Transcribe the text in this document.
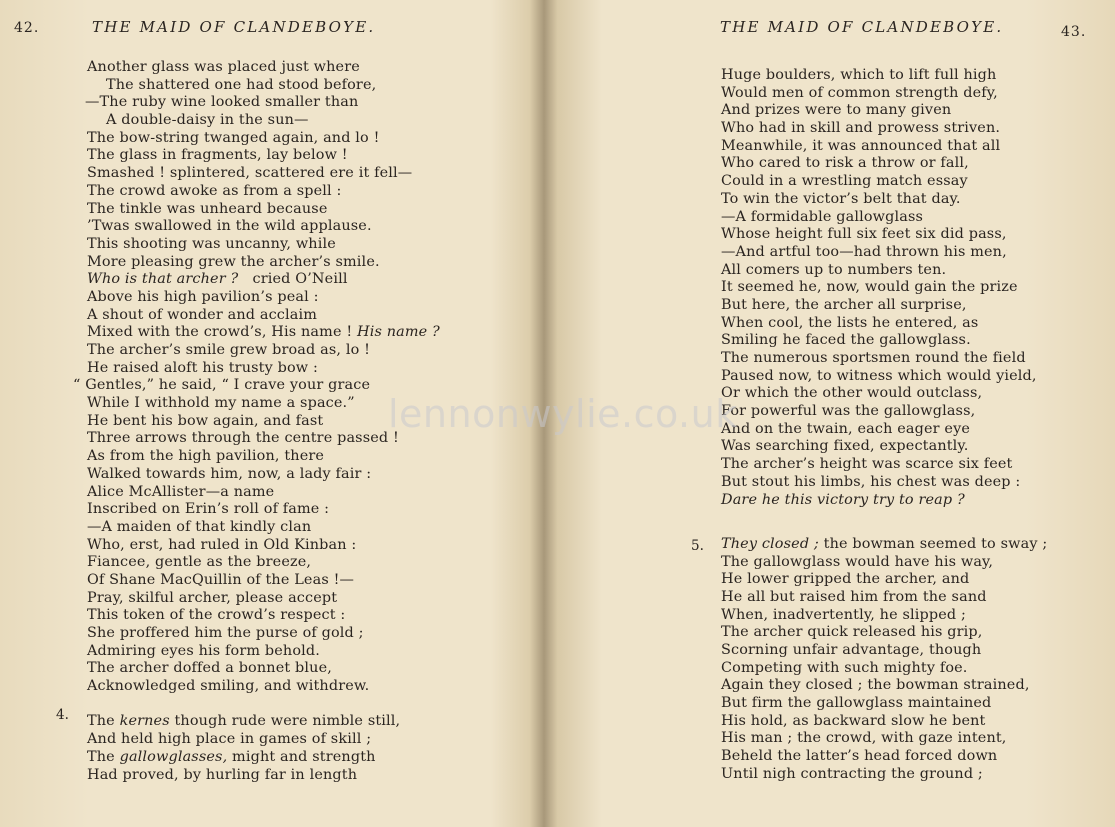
42.	THE MAID OF CLANDEBOYE.
Another glass was placed just where
The shattered one had stood before,
—The ruby wine looked smaller than
A double-daisy in the sun—
The bow-string twanged again, and lo !
The glass in fragments, lay below !
Smashed ! splintered, scattered ere it fell—
The crowd awoke as from a spell :
The tinkle was unheard because
’Twas swallowed in the wild applause.
This shooting was uncanny, while
More pleasing grew the archer’s smile.
Who is that archer ? cried O’Neill
Above his high pavilion’s peal :
A shout of wonder and acclaim
Mixed with the crowd’s, His name ! His name ?
The archer’s smile grew broad as, lo !
He raised aloft his trusty bow :
“ Gentles,” he said, “ I crave your grace
While I withhold my name a space.”
He bent his bow again, and fast
Three arrows through the centre passed !
As from the high pavilion, there
Walked towards him, now, a lady fair :
Alice McAllister—a name
Inscribed on Erin’s roll of fame :
—A maiden of that kindly clan
Who, erst, had ruled in Old Kinban :
Fiancee, gentle as the breeze,
Of Shane MacQuillin of the Leas !—
Pray, skilful archer, please accept
This token of the crowd’s respect :
She proffered him the purse of gold ;
Admiring eyes his form behold.
The archer doffed a bonnet blue,
Acknowledged smiling, and withdrew.
The kernes though rude were nimble still,
And held high place in games of skill ;
The gallowglasses, might and strength
Had proved, by hurling far in length
4.
THE MAID OF CLANDEBOYE.	43.
Huge boulders, which to lift full high
Would men of common strength defy,
And prizes were to many given
Who had in skill and prowess striven.
Meanwhile, it was announced that all
Who cared to risk a throw or fall,
Could in a wrestling match essay
To win the victor’s belt that day.
—A formidable gallowglass
Whose height full six feet six did pass,
—And artful too—had thrown his men,
All comers up to numbers ten.
It seemed he, now, would gain the prize
But here, the archer all surprise,
When cool, the lists he entered, as
Smiling he faced the gallowglass.
The numerous sportsmen round the field
Paused now, to witness which would yield,
Or which the other would outclass,
For powerful was the gallowglass,
And on the twain, each eager eye
Was searching fixed, expectantly.
The archer’s height was scarce six feet
But stout his limbs, his chest was deep :
Dare he this victory try to reap ?
They closed ; the bowman seemed to sway ;
The gallowglass would have his way,
He lower gripped the archer, and
He all but raised him from the sand
When, inadvertently, he slipped ;
The archer quick released his grip,
Scorning unfair advantage, though
Competing with such mighty foe.
Again they closed ; the bowman strained,
But firm the gallowglass maintained
His hold, as backward slow he bent
His man ; the crowd, with gaze intent,
Beheld the latter’s head forced down
Until nigh contracting the ground ;
5.
lennonwylie.co.uk
